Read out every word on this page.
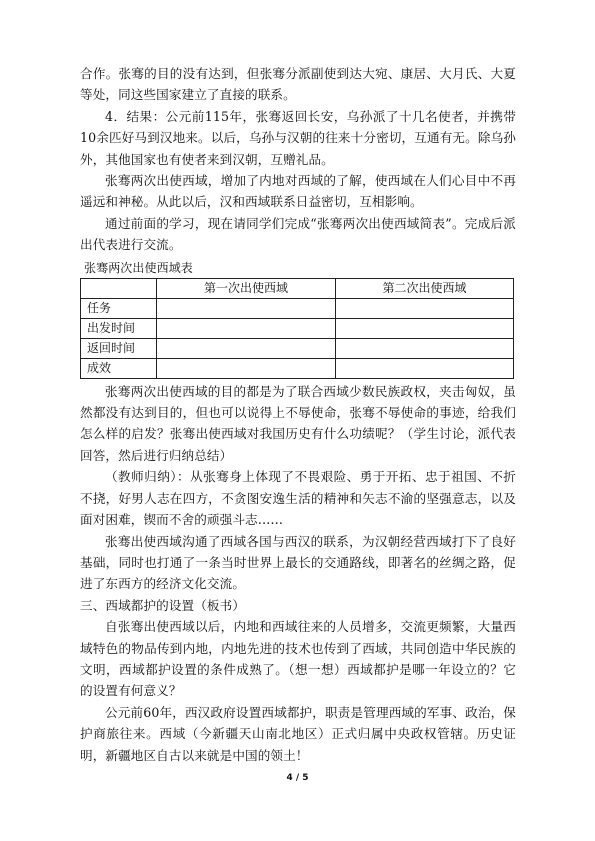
合作。张骞的目的没有达到，但张骞分派副使到达大宛、康居、大月氏、大夏等处，同这些国家建立了直接的联系。

4．结果：公元前115年，张骞返回长安，乌孙派了十几名使者，并携带10余匹好马到汉地来。以后，乌孙与汉朝的往来十分密切，互通有无。除乌孙外，其他国家也有使者来到汉朝，互赠礼品。

张骞两次出使西域，增加了内地对西域的了解，使西域在人们心目中不再遥远和神秘。从此以后，汉和西域联系日益密切，互相影响。

通过前面的学习，现在请同学们完成“张骞两次出使西域简表”。完成后派出代表进行交流。

张骞两次出使西域表

	第一次出使西域	第二次出使西域
任务		
出发时间		
返回时间		
成效		

张骞两次出使西域的目的都是为了联合西域少数民族政权，夹击匈奴，虽然都没有达到目的，但也可以说得上不辱使命，张骞不辱使命的事迹，给我们怎么样的启发？张骞出使西域对我国历史有什么功绩呢？（学生讨论，派代表回答，然后进行归纳总结）

（教师归纳）：从张骞身上体现了不畏艰险、勇于开拓、忠于祖国、不折不挠，好男人志在四方，不贪图安逸生活的精神和矢志不渝的坚强意志，以及面对困难，锲而不舍的顽强斗志……

张骞出使西域沟通了西域各国与西汉的联系，为汉朝经营西域打下了良好基础，同时也打通了一条当时世界上最长的交通路线，即著名的丝绸之路，促进了东西方的经济文化交流。

三、西域都护的设置（板书）

自张骞出使西域以后，内地和西域往来的人员增多，交流更频繁，大量西域特色的物品传到内地，内地先进的技术也传到了西域，共同创造中华民族的文明，西域都护设置的条件成熟了。（想一想）西域都护是哪一年设立的？它的设置有何意义？

公元前60年，西汉政府设置西域都护，职责是管理西域的军事、政治，保护商旅往来。西域（今新疆天山南北地区）正式归属中央政权管辖。历史证明，新疆地区自古以来就是中国的领土！

4 / 5
